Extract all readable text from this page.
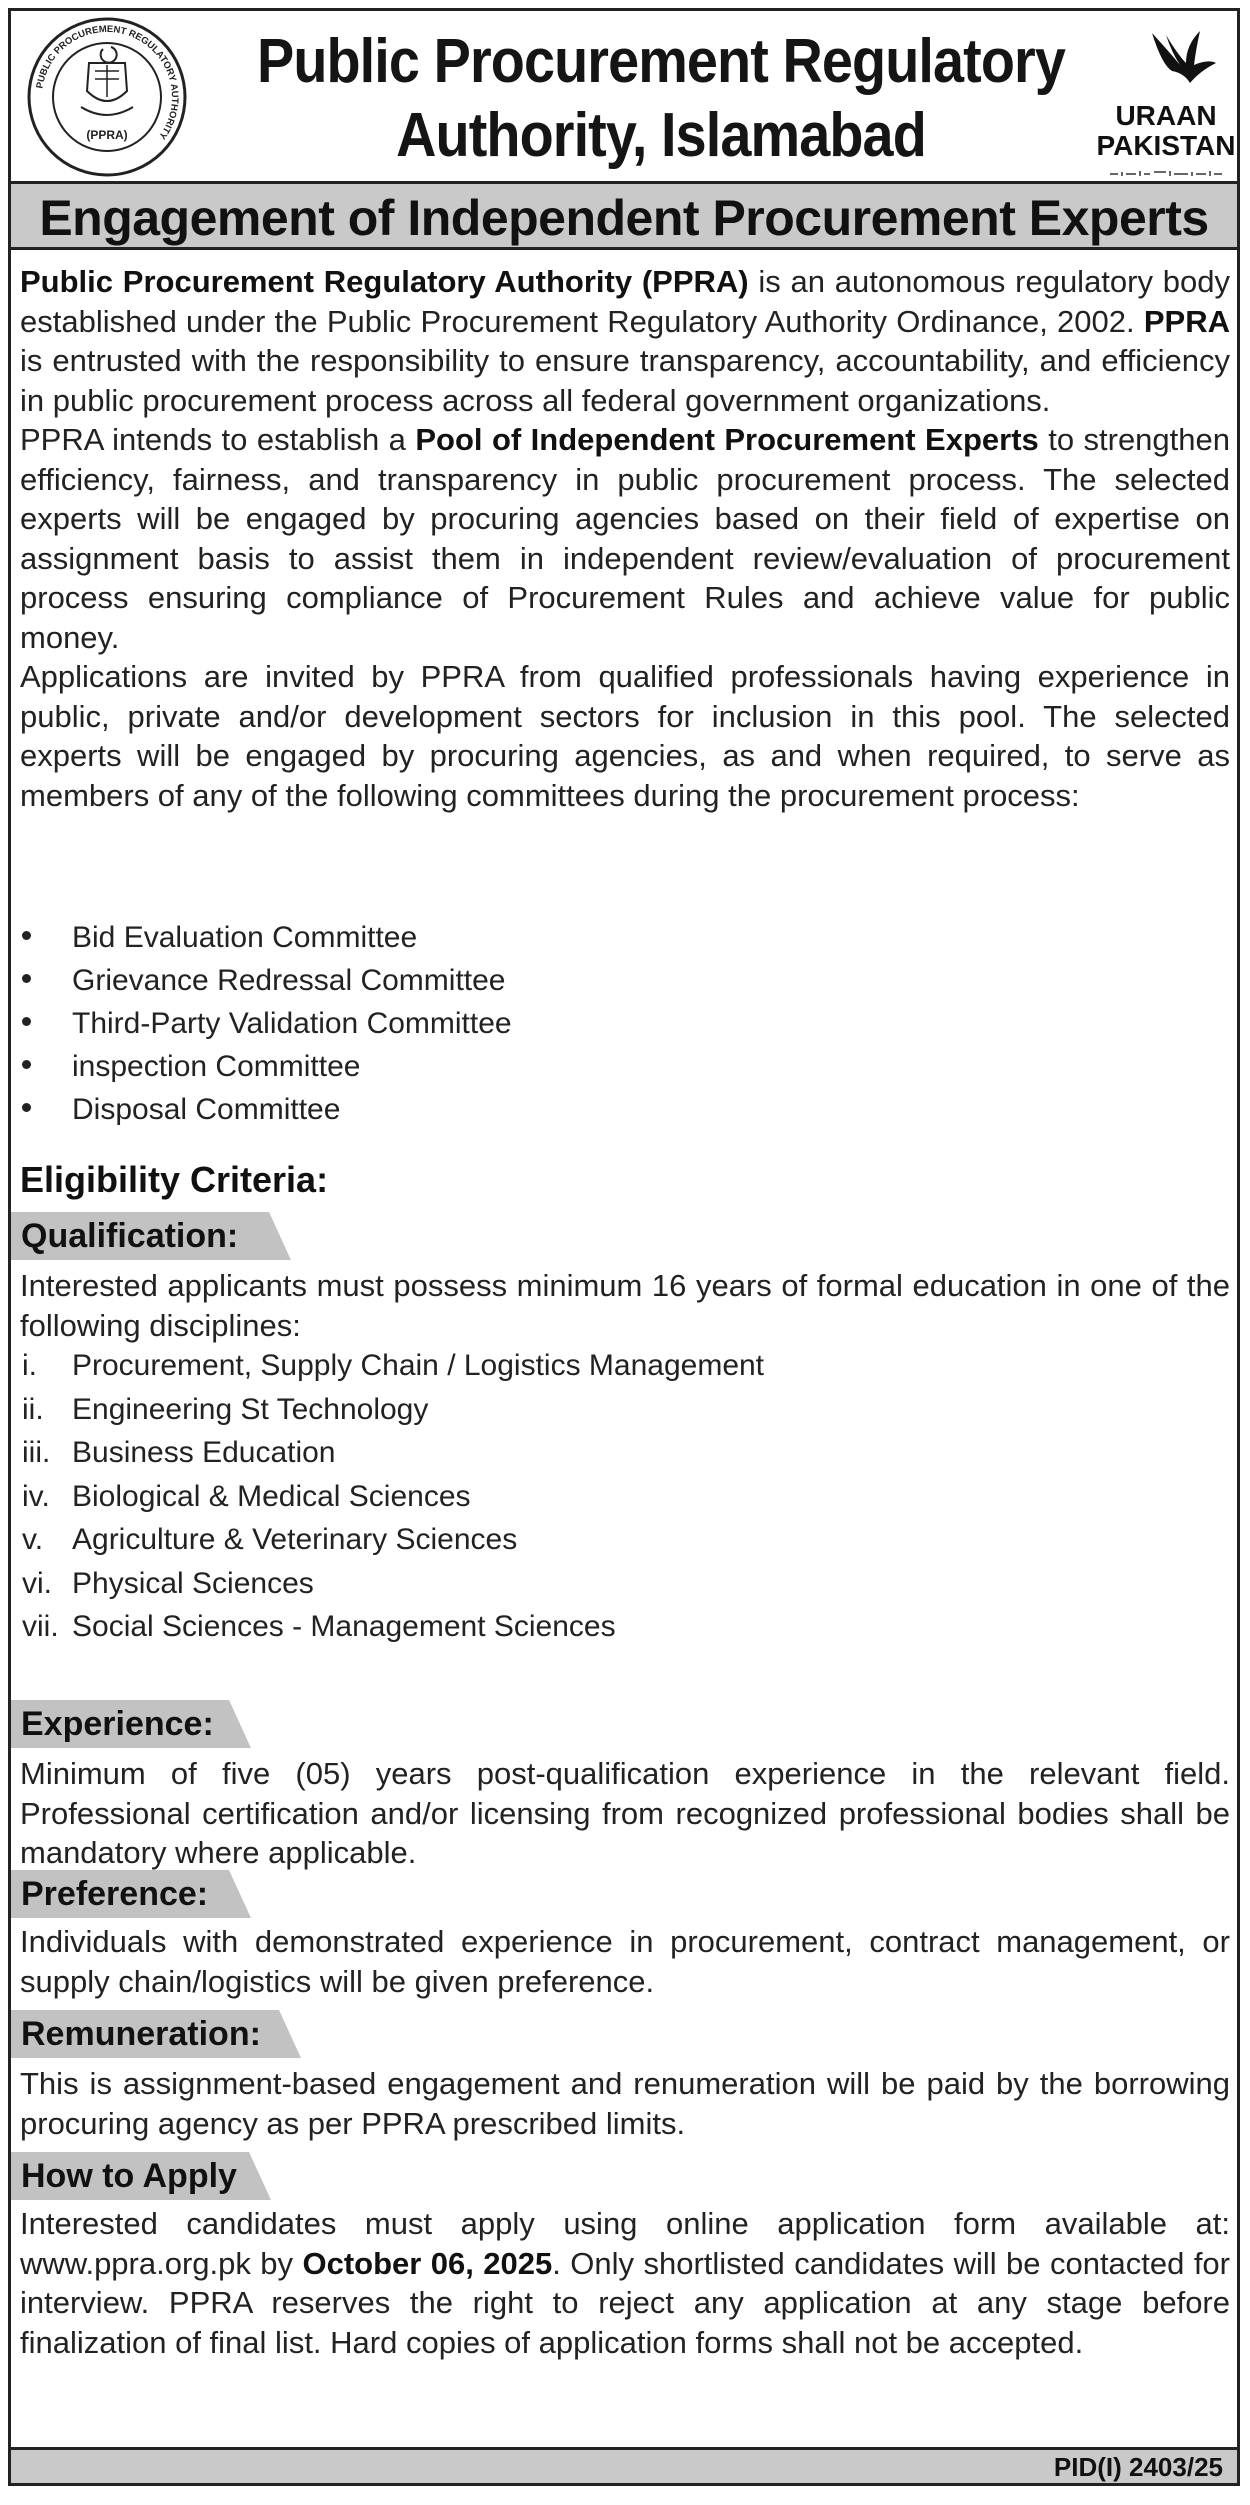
PUBLIC PROCUREMENT REGULATORY AUTHORITY
(PPRA)
Public Procurement Regulatory
Authority, Islamabad	URAAN
PAKISTAN
Engagement of Independent Procurement Experts

Public Procurement Regulatory Authority (PPRA) is an autonomous regulatory body established under the Public Procurement Regulatory Authority Ordinance, 2002. PPRA is entrusted with the responsibility to ensure transparency, accountability, and efficiency in public procurement process across all federal government organizations.

PPRA intends to establish a Pool of Independent Procurement Experts to strengthen efficiency, fairness, and transparency in public procurement process. The selected experts will be engaged by procuring agencies based on their field of expertise on assignment basis to assist them in independent review/evaluation of procurement process ensuring compliance of Procurement Rules and achieve value for public money.

Applications are invited by PPRA from qualified professionals having experience in public, private and/or development sectors for inclusion in this pool. The selected experts will be engaged by procuring agencies, as and when required, to serve as members of any of the following committees during the procurement process:

Bid Evaluation Committee
Grievance Redressal Committee
Third-Party Validation Committee
inspection Committee
Disposal Committee
Eligibility Criteria:
Qualification:

Interested applicants must possess minimum 16 years of formal education in one of the following disciplines:

i. Procurement, Supply Chain / Logistics Management
ii. Engineering St Technology
iii. Business Education
iv. Biological & Medical Sciences
v. Agriculture & Veterinary Sciences
vi. Physical Sciences
vii. Social Sciences - Management Sciences
Experience:

Minimum of five (05) years post-qualification experience in the relevant field. Professional certification and/or licensing from recognized professional bodies shall be mandatory where applicable.

Preference:

Individuals with demonstrated experience in procurement, contract management, or supply chain/logistics will be given preference.

Remuneration:

This is assignment-based engagement and renumeration will be paid by the borrowing procuring agency as per PPRA prescribed limits.

How to Apply

Interested candidates must apply using online application form available at: www.ppra.org.pk by October 06, 2025. Only shortlisted candidates will be contacted for interview. PPRA reserves the right to reject any application at any stage before finalization of final list. Hard copies of application forms shall not be accepted.

PID(I) 2403/25
